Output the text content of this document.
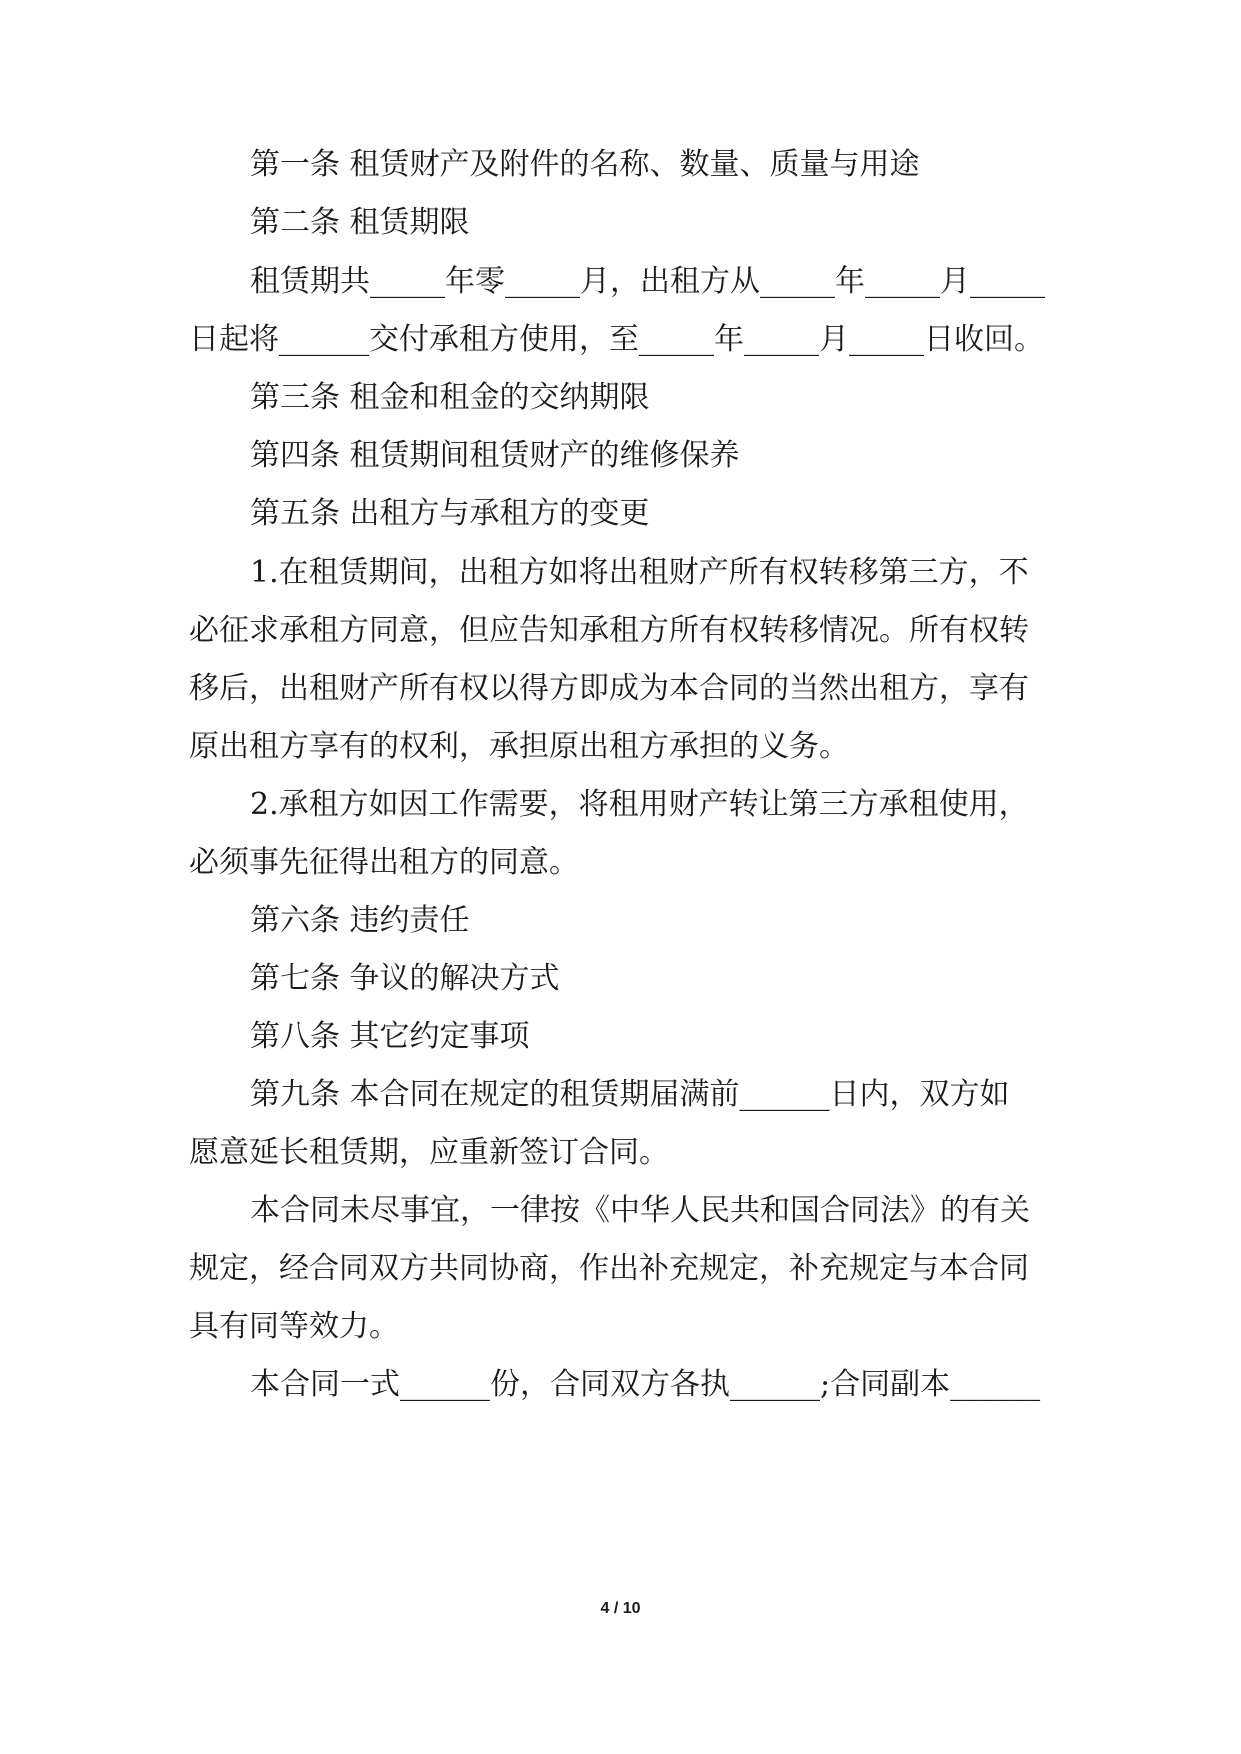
第一条 租赁财产及附件的名称、数量、质量与用途
第二条 租赁期限
租赁期共_____年零_____月，出租方从_____年_____月_____
日起将______交付承租方使用，至_____年_____月_____日收回。
第三条 租金和租金的交纳期限
第四条 租赁期间租赁财产的维修保养
第五条 出租方与承租方的变更
1.在租赁期间，出租方如将出租财产所有权转移第三方，不
必征求承租方同意，但应告知承租方所有权转移情况。所有权转
移后，出租财产所有权以得方即成为本合同的当然出租方，享有
原出租方享有的权利，承担原出租方承担的义务。
2.承租方如因工作需要，将租用财产转让第三方承租使用，
必须事先征得出租方的同意。
第六条 违约责任
第七条 争议的解决方式
第八条 其它约定事项
第九条 本合同在规定的租赁期届满前______日内，双方如
愿意延长租赁期，应重新签订合同。
本合同未尽事宜，一律按《中华人民共和国合同法》的有关
规定，经合同双方共同协商，作出补充规定，补充规定与本合同
具有同等效力。
本合同一式______份，合同双方各执______;合同副本______
4 / 10
